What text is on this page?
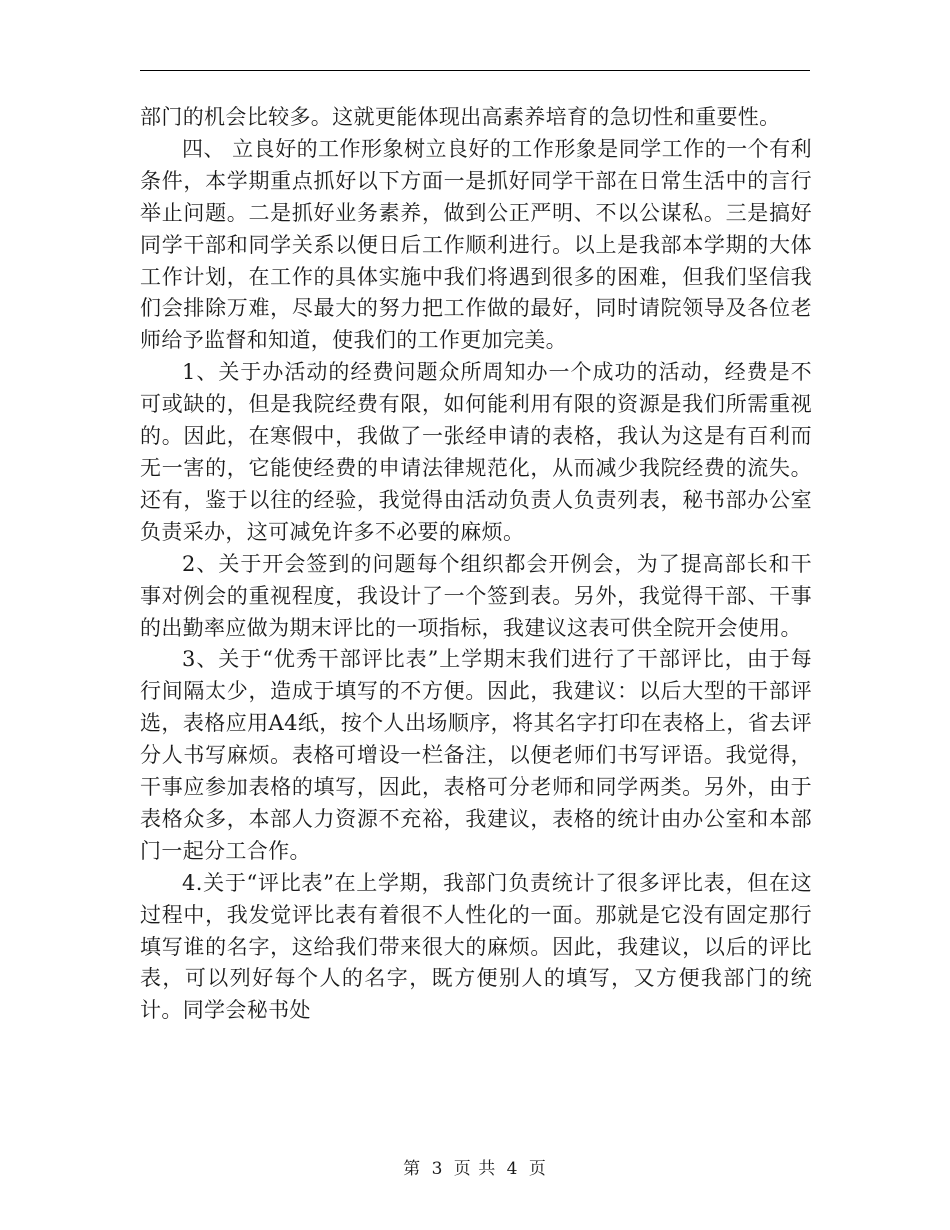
部门的机会比较多。这就更能体现出高素养培育的急切性和重要性。

四、 立良好的工作形象树立良好的工作形象是同学工作的一个有利条件，本学期重点抓好以下方面一是抓好同学干部在日常生活中的言行举止问题。二是抓好业务素养，做到公正严明、不以公谋私。三是搞好同学干部和同学关系以便日后工作顺利进行。以上是我部本学期的大体工作计划，在工作的具体实施中我们将遇到很多的困难，但我们坚信我们会排除万难，尽最大的努力把工作做的最好，同时请院领导及各位老师给予监督和知道，使我们的工作更加完美。

1、关于办活动的经费问题众所周知办一个成功的活动，经费是不可或缺的，但是我院经费有限，如何能利用有限的资源是我们所需重视的。因此，在寒假中，我做了一张经申请的表格，我认为这是有百利而无一害的，它能使经费的申请法律规范化，从而减少我院经费的流失。还有，鉴于以往的经验，我觉得由活动负责人负责列表，秘书部办公室负责采办，这可减免许多不必要的麻烦。

2、关于开会签到的问题每个组织都会开例会，为了提高部长和干事对例会的重视程度，我设计了一个签到表。另外，我觉得干部、干事的出勤率应做为期末评比的一项指标，我建议这表可供全院开会使用。

3、关于“优秀干部评比表”上学期末我们进行了干部评比，由于每行间隔太少，造成于填写的不方便。因此，我建议：以后大型的干部评选，表格应用A4纸，按个人出场顺序，将其名字打印在表格上，省去评分人书写麻烦。表格可增设一栏备注，以便老师们书写评语。我觉得，干事应参加表格的填写，因此，表格可分老师和同学两类。另外，由于表格众多，本部人力资源不充裕，我建议，表格的统计由办公室和本部门一起分工合作。

4.关于“评比表”在上学期，我部门负责统计了很多评比表，但在这过程中，我发觉评比表有着很不人性化的一面。那就是它没有固定那行填写谁的名字，这给我们带来很大的麻烦。因此，我建议，以后的评比表，可以列好每个人的名字，既方便别人的填写，又方便我部门的统计。同学会秘书处

第 3 页 共 4 页
